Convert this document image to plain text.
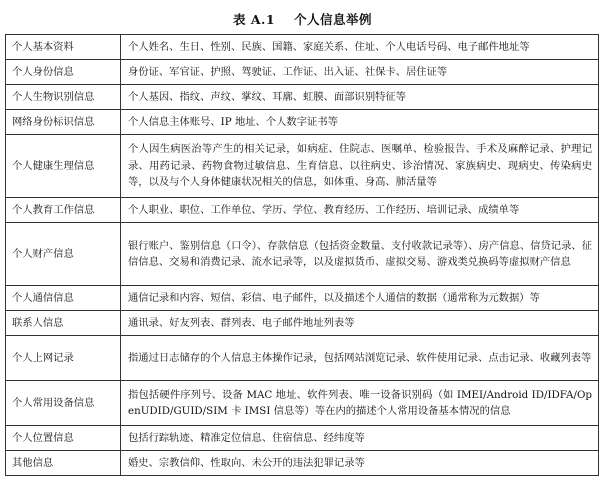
表 A.1 个人信息举例
个人基本资料	个人姓名、生日、性别、民族、国籍、家庭关系、住址、个人电话号码、电子邮件地址等
个人身份信息	身份证、军官证、护照、驾驶证、工作证、出入证、社保卡、居住证等
个人生物识别信息	个人基因、指纹、声纹、掌纹、耳廓、虹膜、面部识别特征等
网络身份标识信息	个人信息主体账号、IP 地址、个人数字证书等
个人健康生理信息	个人因生病医治等产生的相关记录，如病症、住院志、医嘱单、检验报告、手术及麻醉记录、护理记录、用药记录、药物食物过敏信息、生育信息、以往病史、诊治情况、家族病史、现病史、传染病史等，以及与个人身体健康状况相关的信息，如体重、身高、肺活量等
个人教育工作信息	个人职业、职位、工作单位、学历、学位、教育经历、工作经历、培训记录、成绩单等
个人财产信息	银行账户、鉴别信息（口令）、存款信息（包括资金数量、支付收款记录等）、房产信息、信贷记录、征信信息、交易和消费记录、流水记录等，以及虚拟货币、虚拟交易、游戏类兑换码等虚拟财产信息
个人通信信息	通信记录和内容、短信、彩信、电子邮件，以及描述个人通信的数据（通常称为元数据）等
联系人信息	通讯录、好友列表、群列表、电子邮件地址列表等
个人上网记录	指通过日志储存的个人信息主体操作记录，包括网站浏览记录、软件使用记录、点击记录、收藏列表等
个人常用设备信息	指包括硬件序列号、设备 MAC 地址、软件列表、唯一设备识别码（如 IMEI/Android ID/IDFA/OpenUDID/GUID/SIM 卡 IMSI 信息等）等在内的描述个人常用设备基本情况的信息
个人位置信息	包括行踪轨迹、精准定位信息、住宿信息、经纬度等
其他信息	婚史、宗教信仰、性取向、未公开的违法犯罪记录等
